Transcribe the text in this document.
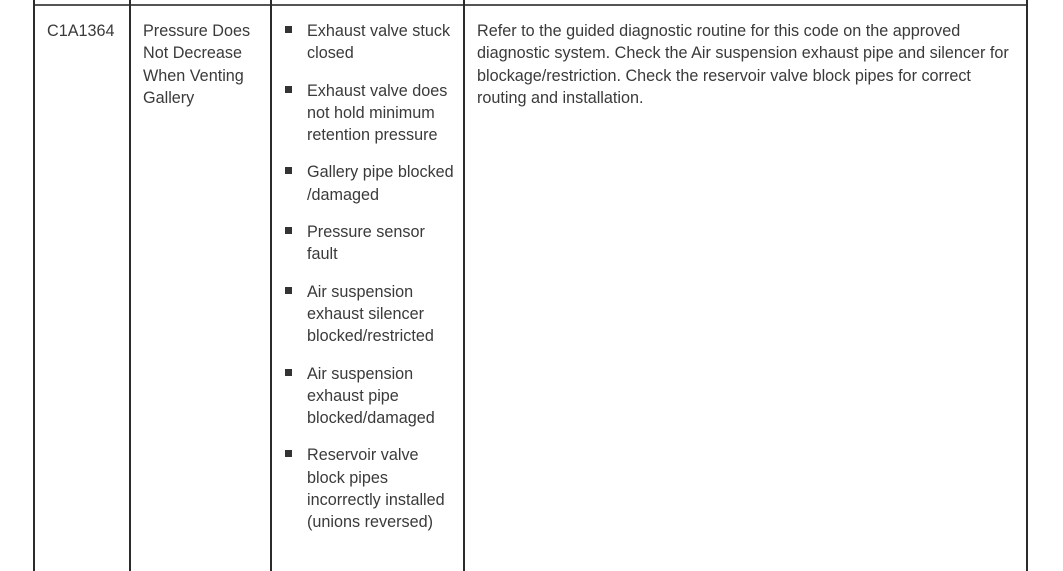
C1A1364	Pressure Does Not Decrease When Venting Gallery
Exhaust valve stuck closed
Exhaust valve does not hold minimum retention pressure
Gallery pipe blocked /damaged
Pressure sensor fault
Air suspension exhaust silencer blocked/restricted
Air suspension exhaust pipe blocked/damaged
Reservoir valve block pipes incorrectly installed (unions reversed)
Refer to the guided diagnostic routine for this code on the approved diagnostic system. Check the Air suspension exhaust pipe and silencer for blockage/restriction. Check the reservoir valve block pipes for correct routing and installation.
